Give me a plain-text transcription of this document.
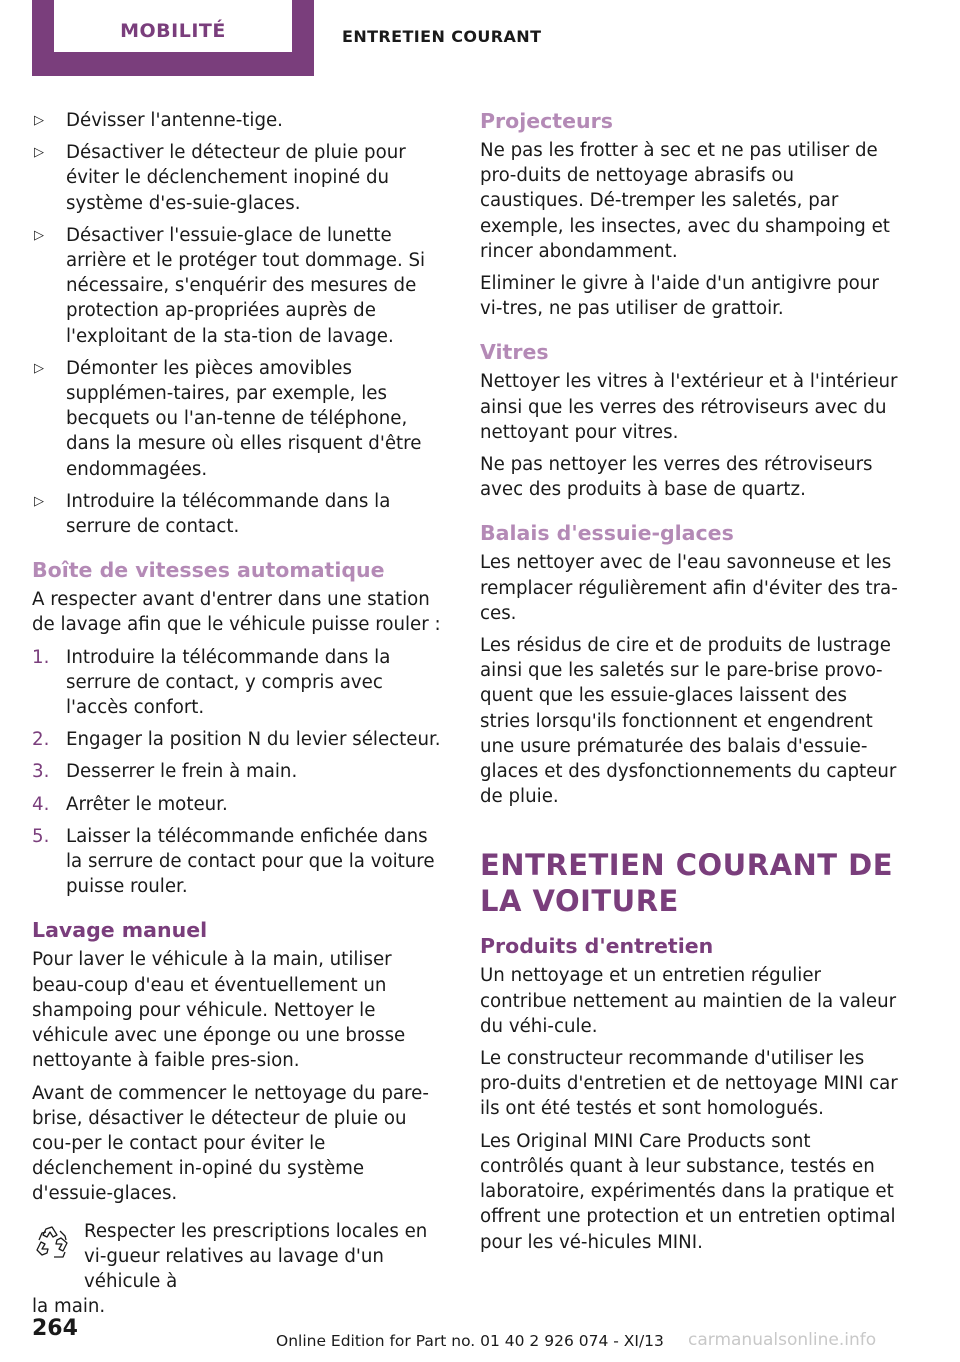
MOBILITÉ	ENTRETIEN COURANT
▷ Dévisser l'antenne-tige.
▷ Désactiver le détecteur de pluie pour éviter le déclenchement inopiné du système d'es‐suie-glaces.
▷ Désactiver l'essuie-glace de lunette arrière et le protéger tout dommage. Si nécessaire, s'enquérir des mesures de protection ap‐propriées auprès de l'exploitant de la sta‐tion de lavage.
▷ Démonter les pièces amovibles supplémen‐taires, par exemple, les becquets ou l'an‐tenne de téléphone, dans la mesure où elles risquent d'être endommagées.
▷ Introduire la télécommande dans la serrure de contact.
Boîte de vitesses automatique

A respecter avant d'entrer dans une station de lavage afin que le véhicule puisse rouler :

1. Introduire la télécommande dans la serrure de contact, y compris avec l'accès confort.
2. Engager la position N du levier sélecteur.
3. Desserrer le frein à main.
4. Arrêter le moteur.
5. Laisser la télécommande enfichée dans la serrure de contact pour que la voiture puisse rouler.
Lavage manuel

Pour laver le véhicule à la main, utiliser beau‐coup d'eau et éventuellement un shampoing pour véhicule. Nettoyer le véhicule avec une éponge ou une brosse nettoyante à faible pres‐sion.

Avant de commencer le nettoyage du pare-brise, désactiver le détecteur de pluie ou cou‐per le contact pour éviter le déclenchement in‐opiné du système d'essuie-glaces.

Respecter les prescriptions locales en vi‐gueur relatives au lavage d'un véhicule à
la main.
Projecteurs

Ne pas les frotter à sec et ne pas utiliser de pro‐duits de nettoyage abrasifs ou caustiques. Dé‐tremper les saletés, par exemple, les insectes, avec du shampoing et rincer abondamment.

Eliminer le givre à l'aide d'un antigivre pour vi‐tres, ne pas utiliser de grattoir.

Vitres

Nettoyer les vitres à l'extérieur et à l'intérieur ainsi que les verres des rétroviseurs avec du nettoyant pour vitres.

Ne pas nettoyer les verres des rétroviseurs avec des produits à base de quartz.

Balais d'essuie-glaces

Les nettoyer avec de l'eau savonneuse et les remplacer régulièrement afin d'éviter des tra‐ces.

Les résidus de cire et de produits de lustrage ainsi que les saletés sur le pare-brise provo‐quent que les essuie-glaces laissent des stries lorsqu'ils fonctionnent et engendrent une usure prématurée des balais d'essuie-glaces et des dysfonctionnements du capteur de pluie.

ENTRETIEN COURANT DE LA VOITURE
Produits d'entretien

Un nettoyage et un entretien régulier contribue nettement au maintien de la valeur du véhi‐cule.

Le constructeur recommande d'utiliser les pro‐duits d'entretien et de nettoyage MINI car ils ont été testés et sont homologués.

Les Original MINI Care Products sont contrôlés quant à leur substance, testés en laboratoire, expérimentés dans la pratique et offrent une protection et un entretien optimal pour les vé‐hicules MINI.

264	Online Edition for Part no. 01 40 2 926 074 - XI/13 carmanualsonline.info
